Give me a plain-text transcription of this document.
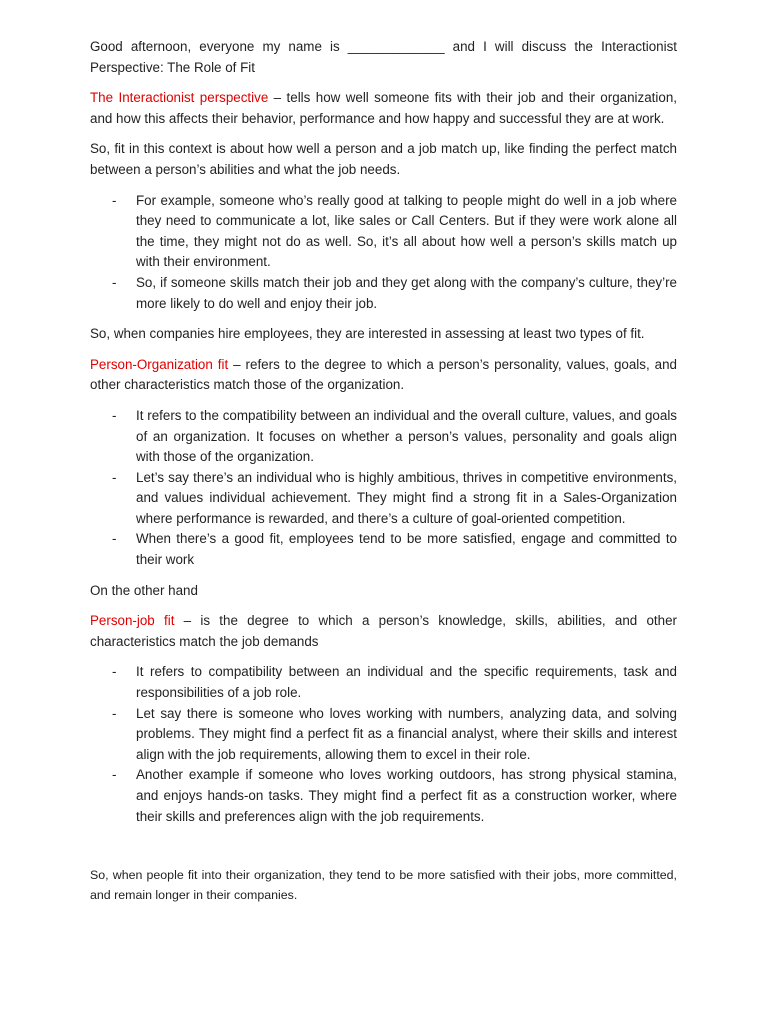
Good afternoon, everyone my name is _____________ and I will discuss the Interactionist Perspective: The Role of Fit

The Interactionist perspective – tells how well someone fits with their job and their organization, and how this affects their behavior, performance and how happy and successful they are at work.

So, fit in this context is about how well a person and a job match up, like finding the perfect match between a person’s abilities and what the job needs.

- For example, someone who’s really good at talking to people might do well in a job where they need to communicate a lot, like sales or Call Centers. But if they were work alone all the time, they might not do as well. So, it’s all about how well a person’s skills match up with their environment.
- So, if someone skills match their job and they get along with the company’s culture, they’re more likely to do well and enjoy their job.

So, when companies hire employees, they are interested in assessing at least two types of fit.

Person-Organization fit – refers to the degree to which a person’s personality, values, goals, and other characteristics match those of the organization.

- It refers to the compatibility between an individual and the overall culture, values, and goals of an organization. It focuses on whether a person’s values, personality and goals align with those of the organization.
- Let’s say there’s an individual who is highly ambitious, thrives in competitive environments, and values individual achievement. They might find a strong fit in a Sales-Organization where performance is rewarded, and there’s a culture of goal-oriented competition.
- When there’s a good fit, employees tend to be more satisfied, engage and committed to their work

On the other hand

Person-job fit – is the degree to which a person’s knowledge, skills, abilities, and other characteristics match the job demands

- It refers to compatibility between an individual and the specific requirements, task and responsibilities of a job role.
- Let say there is someone who loves working with numbers, analyzing data, and solving problems. They might find a perfect fit as a financial analyst, where their skills and interest align with the job requirements, allowing them to excel in their role.
- Another example if someone who loves working outdoors, has strong physical stamina, and enjoys hands-on tasks. They might find a perfect fit as a construction worker, where their skills and preferences align with the job requirements.

So, when people fit into their organization, they tend to be more satisfied with their jobs, more committed, and remain longer in their companies.
